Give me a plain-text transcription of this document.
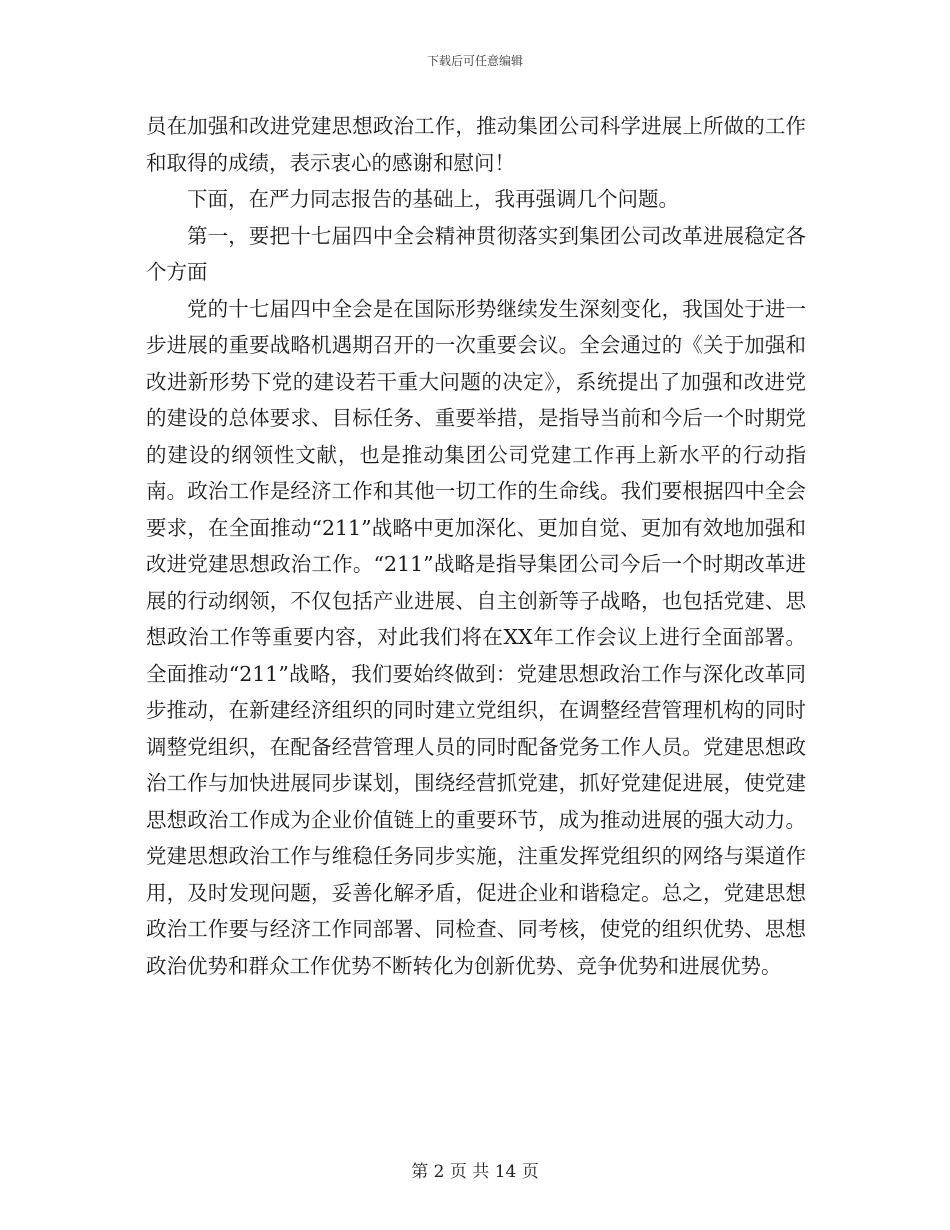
下载后可任意编辑

员在加强和改进党建思想政治工作，推动集团公司科学进展上所做的工作和取得的成绩，表示衷心的感谢和慰问！

下面，在严力同志报告的基础上，我再强调几个问题。

第一，要把十七届四中全会精神贯彻落实到集团公司改革进展稳定各个方面

党的十七届四中全会是在国际形势继续发生深刻变化，我国处于进一步进展的重要战略机遇期召开的一次重要会议。全会通过的《关于加强和改进新形势下党的建设若干重大问题的决定》，系统提出了加强和改进党的建设的总体要求、目标任务、重要举措，是指导当前和今后一个时期党的建设的纲领性文献，也是推动集团公司党建工作再上新水平的行动指南。政治工作是经济工作和其他一切工作的生命线。我们要根据四中全会要求，在全面推动“211”战略中更加深化、更加自觉、更加有效地加强和改进党建思想政治工作。“211”战略是指导集团公司今后一个时期改革进展的行动纲领，不仅包括产业进展、自主创新等子战略，也包括党建、思想政治工作等重要内容，对此我们将在XX年工作会议上进行全面部署。全面推动“211”战略，我们要始终做到：党建思想政治工作与深化改革同步推动，在新建经济组织的同时建立党组织，在调整经营管理机构的同时调整党组织，在配备经营管理人员的同时配备党务工作人员。党建思想政治工作与加快进展同步谋划，围绕经营抓党建，抓好党建促进展，使党建思想政治工作成为企业价值链上的重要环节，成为推动进展的强大动力。党建思想政治工作与维稳任务同步实施，注重发挥党组织的网络与渠道作用，及时发现问题，妥善化解矛盾，促进企业和谐稳定。总之，党建思想政治工作要与经济工作同部署、同检查、同考核，使党的组织优势、思想政治优势和群众工作优势不断转化为创新优势、竞争优势和进展优势。

第 2 页 共 14 页
